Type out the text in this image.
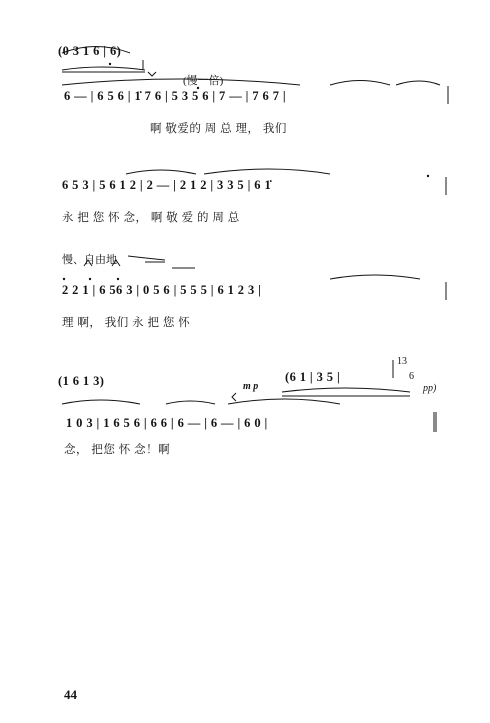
(0 3 1 6 | 6)
(慢一倍)
6 — | 6 5 6 | 1̇ 7 6 | 5 3 5 6 | 7 — | 7 6 7 |
啊 敬爱的 周 总 理， 我们
6 5 3 | 5 6 1 2 | 2 — | 2 1 2 | 3 3 5 | 6 1̇
永 把 您 怀 念， 啊 敬 爱 的 周 总
慢、自由地
2 2 1 | 6 56 3 | 0 5 6 | 5 5 5 | 6 1 2 3 |
理 啊， 我们 永 把 您 怀
(1 6 1 3)	m p
(6 1 | 3 5 |
13
6
pp)
1 0 3 | 1 6 5 6 | 6 6 | 6 — | 6 — | 6 0 |
念， 把您 怀 念！啊
44
